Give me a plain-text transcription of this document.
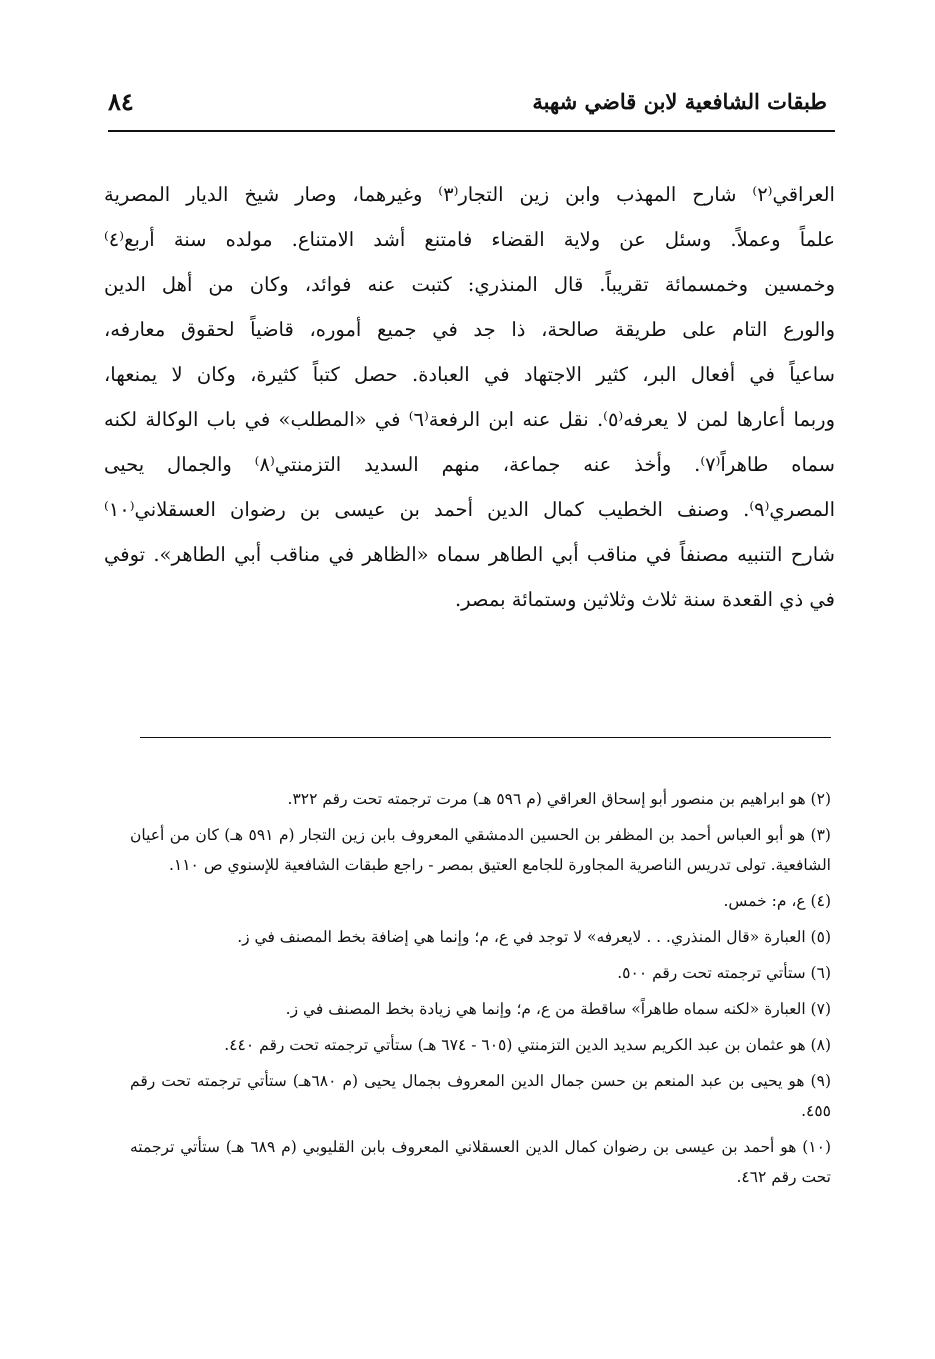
طبقات الشافعية لابن قاضي شهبة
٨٤
العراقي⁽٢⁾ شارح المهذب وابن زين التجار⁽٣⁾ وغيرهما، وصار شيخ الديار المصرية
علماً وعملاً. وسئل عن ولاية القضاء فامتنع أشد الامتناع. مولده سنة أربع⁽٤⁾
وخمسين وخمسمائة تقريباً. قال المنذري: كتبت عنه فوائد، وكان من أهل الدين
والورع التام على طريقة صالحة، ذا جد في جميع أموره، قاضياً لحقوق معارفه،
ساعياً في أفعال البر، كثير الاجتهاد في العبادة. حصل كتباً كثيرة، وكان لا يمنعها،
وربما أعارها لمن لا يعرفه⁽٥⁾. نقل عنه ابن الرفعة⁽٦⁾ في «المطلب» في باب الوكالة لكنه
سماه طاهراً⁽٧⁾. وأخذ عنه جماعة، منهم السديد التزمنتي⁽٨⁾ والجمال يحيى
المصري⁽٩⁾. وصنف الخطيب كمال الدين أحمد بن عيسى بن رضوان العسقلاني⁽١٠⁾
شارح التنبيه مصنفاً في مناقب أبي الطاهر سماه «الظاهر في مناقب أبي الطاهر». توفي
في ذي القعدة سنة ثلاث وثلاثين وستمائة بمصر.

(٢) هو ابراهيم بن منصور أبو إسحاق العراقي (م ٥٩٦ هـ) مرت ترجمته تحت رقم ٣٢٢.

(٣) هو أبو العباس أحمد بن المظفر بن الحسين الدمشقي المعروف بابن زين التجار (م ٥٩١ هـ) كان من أعيان الشافعية. تولى تدريس الناصرية المجاورة للجامع العتيق بمصر - راجع طبقات الشافعية للإسنوي ص ١١٠.

(٤) ع، م: خمس.

(٥) العبارة «قال المنذري. . . لايعرفه» لا توجد في ع، م؛ وإنما هي إضافة بخط المصنف في ز.

(٦) ستأتي ترجمته تحت رقم ٥٠٠.

(٧) العبارة «لكنه سماه طاهراً» ساقطة من ع، م؛ وإنما هي زيادة بخط المصنف في ز.

(٨) هو عثمان بن عبد الكريم سديد الدين التزمنتي (٦٠٥ - ٦٧٤ هـ) ستأتي ترجمته تحت رقم ٤٤٠.

(٩) هو يحيى بن عبد المنعم بن حسن جمال الدين المعروف بجمال يحيى (م ٦٨٠هـ) ستأتي ترجمته تحت رقم ٤٥٥.

(١٠) هو أحمد بن عيسى بن رضوان كمال الدين العسقلاني المعروف بابن القليوبي (م ٦٨٩ هـ) ستأتي ترجمته تحت رقم ٤٦٢.
